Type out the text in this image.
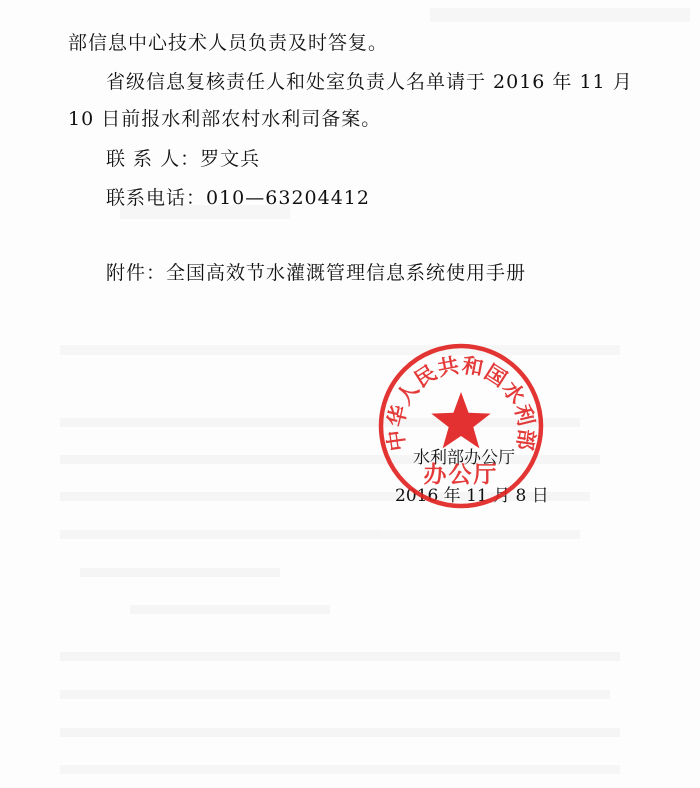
部信息中心技术人员负责及时答复。
省级信息复核责任人和处室负责人名单请于 2016 年 11 月
10 日前报水利部农村水利司备案。
联 系 人：罗文兵
联系电话：010—63204412
附件：全国高效节水灌溉管理信息系统使用手册
水利部办公厅
2016 年 11 月 8 日
中华人民共和国水利部
办公厅
